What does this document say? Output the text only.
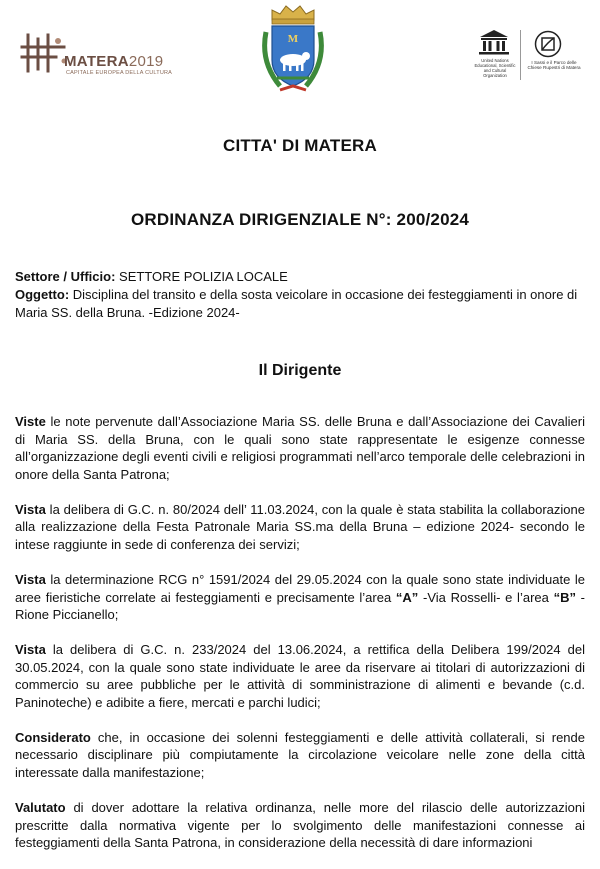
MATERA2019
CAPITALE EUROPEA DELLA CULTURA
M
United Nations Educational, Scientific and Cultural Organization
I Sassi e il Parco delle Chiese Rupestri di Matera
CITTA' DI MATERA
ORDINANZA DIRIGENZIALE N°: 200/2024
Settore / Ufficio: SETTORE POLIZIA LOCALE
Oggetto: Disciplina del transito e della sosta veicolare in occasione dei festeggiamenti in onore di Maria SS. della Bruna. -Edizione 2024-
Il Dirigente

Viste le note pervenute dall’Associazione Maria SS. delle Bruna e dall’Associazione dei Cavalieri di Maria SS. della Bruna, con le quali sono state rappresentate le esigenze connesse all’organizzazione degli eventi civili e religiosi programmati nell’arco temporale delle celebrazioni in onore della Santa Patrona;

Vista la delibera di G.C. n. 80/2024 dell’ 11.03.2024, con la quale è stata stabilita la collaborazione alla realizzazione della Festa Patronale Maria SS.ma della Bruna – edizione 2024- secondo le intese raggiunte in sede di conferenza dei servizi;

Vista la determinazione RCG n° 1591/2024 del 29.05.2024 con la quale sono state individuate le aree fieristiche correlate ai festeggiamenti e precisamente l’area “A” -Via Rosselli- e l’area “B” -Rione Piccianello;

Vista la delibera di G.C. n. 233/2024 del 13.06.2024, a rettifica della Delibera 199/2024 del 30.05.2024, con la quale sono state individuate le aree da riservare ai titolari di autorizzazioni di commercio su aree pubbliche per le attività di somministrazione di alimenti e bevande (c.d. Paninoteche) e adibite a fiere, mercati e parchi ludici;

Considerato che, in occasione dei solenni festeggiamenti e delle attività collaterali, si rende necessario disciplinare più compiutamente la circolazione veicolare nelle zone della città interessate dalla manifestazione;

Valutato di dover adottare la relativa ordinanza, nelle more del rilascio delle autorizzazioni prescritte dalla normativa vigente per lo svolgimento delle manifestazioni connesse ai festeggiamenti della Santa Patrona, in considerazione della necessità di dare informazioni
